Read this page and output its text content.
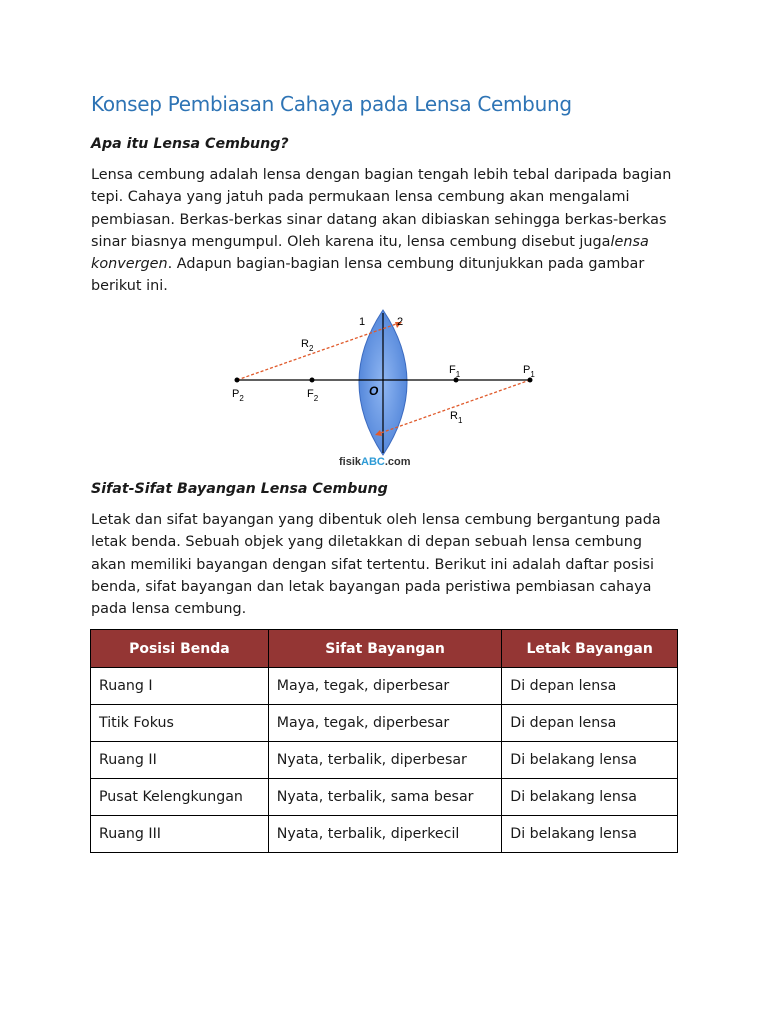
Konsep Pembiasan Cahaya pada Lensa Cembung
Apa itu Lensa Cembung?

Lensa cembung adalah lensa dengan bagian tengah lebih tebal daripada bagian tepi. Cahaya yang jatuh pada permukaan lensa cembung akan mengalami pembiasan. Berkas-berkas sinar datang akan dibiaskan sehingga berkas-berkas sinar biasnya mengumpul. Oleh karena itu, lensa cembung disebut jugalensa konvergen. Adapun bagian-bagian lensa cembung ditunjukkan pada gambar berikut ini.

1	2
$R_2$
$F_1$	$P_1$
$P_2$	$F_2$
O
$R_1$
fisikABC.com
Sifat-Sifat Bayangan Lensa Cembung

Letak dan sifat bayangan yang dibentuk oleh lensa cembung bergantung pada letak benda. Sebuah objek yang diletakkan di depan sebuah lensa cembung akan memiliki bayangan dengan sifat tertentu. Berikut ini adalah daftar posisi benda, sifat bayangan dan letak bayangan pada peristiwa pembiasan cahaya pada lensa cembung.

Posisi Benda	Sifat Bayangan	Letak Bayangan
Ruang I	Maya, tegak, diperbesar	Di depan lensa
Titik Fokus	Maya, tegak, diperbesar	Di depan lensa
Ruang II	Nyata, terbalik, diperbesar	Di belakang lensa
Pusat Kelengkungan	Nyata, terbalik, sama besar	Di belakang lensa
Ruang III	Nyata, terbalik, diperkecil	Di belakang lensa
